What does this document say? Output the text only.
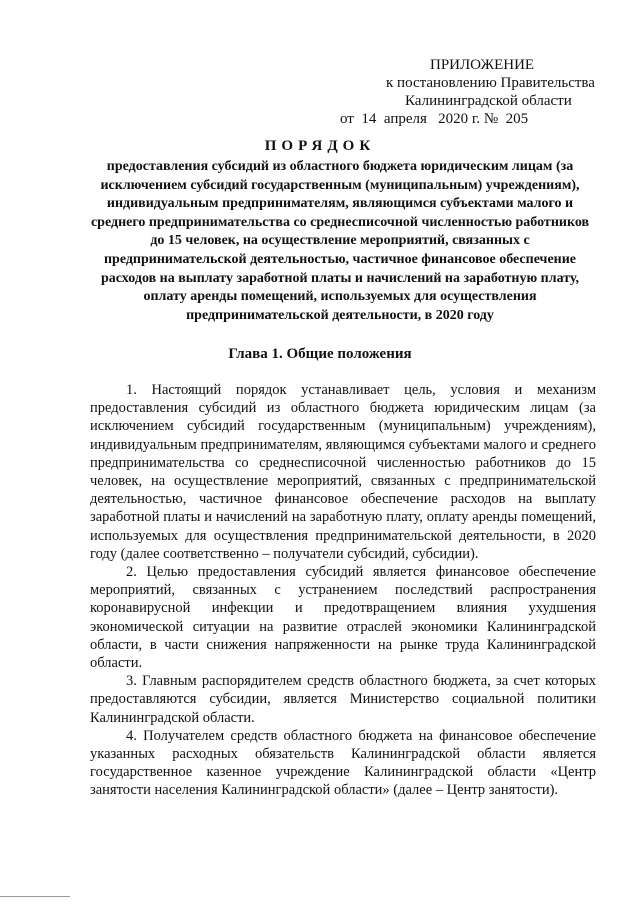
ПРИЛОЖЕНИЕ
к постановлению Правительства
Калининградской области
от  14  апреля   2020 г. №  205
ПОРЯДОК
предоставления субсидий из областного бюджета юридическим лицам (за исключением субсидий государственным (муниципальным) учреждениям), индивидуальным предпринимателям, являющимся субъектами малого и среднего предпринимательства со среднесписочной численностью работников до 15 человек, на осуществление мероприятий, связанных с предпринимательской деятельностью, частичное финансовое обеспечение расходов на выплату заработной платы и начислений на заработную плату, оплату аренды помещений, используемых для осуществления предпринимательской деятельности, в 2020 году
Глава 1. Общие положения

1. Настоящий порядок устанавливает цель, условия и механизм предоставления субсидий из областного бюджета юридическим лицам (за исключением субсидий государственным (муниципальным) учреждениям), индивидуальным предпринимателям, являющимся субъектами малого и среднего предпринимательства со среднесписочной численностью работников до 15 человек, на осуществление мероприятий, связанных с предпринимательской деятельностью, частичное финансовое обеспечение расходов на выплату заработной платы и начислений на заработную плату, оплату аренды помещений, используемых для осуществления предпринимательской деятельности, в 2020 году (далее соответственно – получатели субсидий, субсидии).

2. Целью предоставления субсидий является финансовое обеспечение мероприятий, связанных с устранением последствий распространения коронавирусной инфекции и предотвращением влияния ухудшения экономической ситуации на развитие отраслей экономики Калининградской области, в части снижения напряженности на рынке труда Калининградской области.

3. Главным распорядителем средств областного бюджета, за счет которых предоставляются субсидии, является Министерство социальной политики Калининградской области.

4. Получателем средств областного бюджета на финансовое обеспечение указанных расходных обязательств Калининградской области является государственное казенное учреждение Калининградской области «Центр занятости населения Калининградской области» (далее – Центр занятости).
